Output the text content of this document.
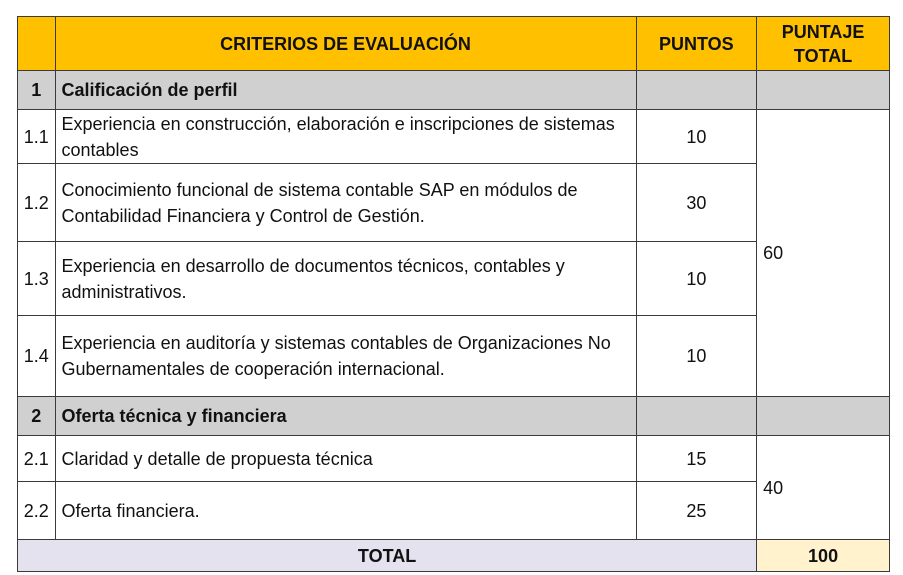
	CRITERIOS DE EVALUACIÓN	PUNTOS	PUNTAJE TOTAL
1	Calificación de perfil		
1.1	Experiencia en construcción, elaboración e inscripciones de sistemas contables	10	60
1.2	Conocimiento funcional de sistema contable SAP en módulos de Contabilidad Financiera y Control de Gestión.	30	
1.3	Experiencia en desarrollo de documentos técnicos, contables y administrativos.	10	
1.4	Experiencia en auditoría y sistemas contables de Organizaciones No Gubernamentales de cooperación internacional.	10	
2	Oferta técnica y financiera		
2.1	Claridad y detalle de propuesta técnica	15	40
2.2	Oferta financiera.	25	
TOTAL			100
